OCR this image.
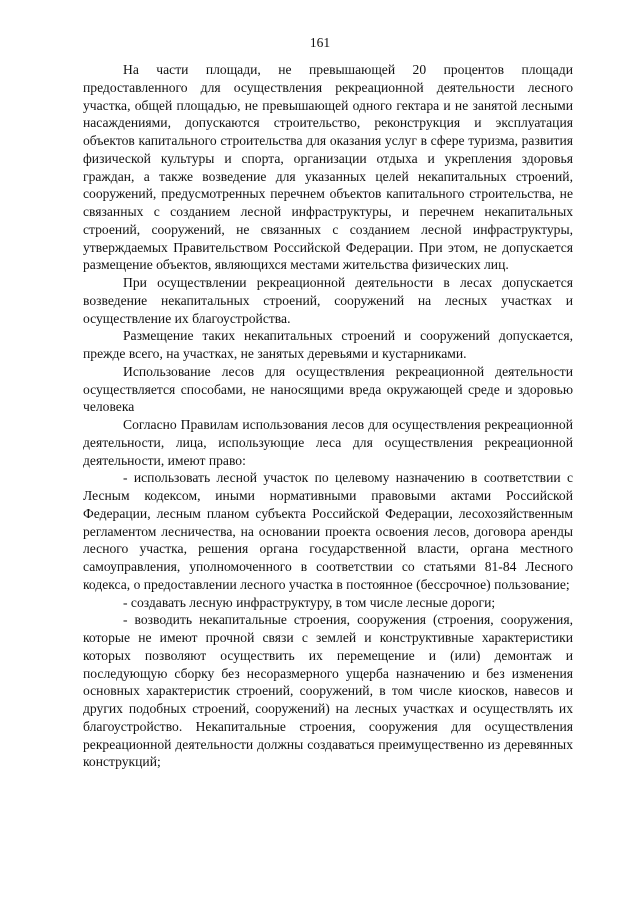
161

На части площади, не превышающей 20 процентов площади предоставленного для осуществления рекреационной деятельности лесного участка, общей площадью, не превышающей одного гектара и не занятой лесными насаждениями, допускаются строительство, реконструкция и эксплуатация объектов капитального строительства для оказания услуг в сфере туризма, развития физической культуры и спорта, организации отдыха и укрепления здоровья граждан, а также возведение для указанных целей некапитальных строений, сооружений, предусмотренных перечнем объектов капитального строительства, не связанных с созданием лесной инфраструктуры, и перечнем некапитальных строений, сооружений, не связанных с созданием лесной инфраструктуры, утверждаемых Правительством Российской Федерации. При этом, не допускается размещение объектов, являющихся местами жительства физических лиц.

При осуществлении рекреационной деятельности в лесах допускается возведение некапитальных строений, сооружений на лесных участках и осуществление их благоустройства.

Размещение таких некапитальных строений и сооружений допускается, прежде всего, на участках, не занятых деревьями и кустарниками.

Использование лесов для осуществления рекреационной деятельности осуществляется способами, не наносящими вреда окружающей среде и здоровью человека

Согласно Правилам использования лесов для осуществления рекреационной деятельности, лица, использующие леса для осуществления рекреационной деятельности, имеют право:

- использовать лесной участок по целевому назначению в соответствии с Лесным кодексом, иными нормативными правовыми актами Российской Федерации, лесным планом субъекта Российской Федерации, лесохозяйственным регламентом лесничества, на основании проекта освоения лесов, договора аренды лесного участка, решения органа государственной власти, органа местного самоуправления, уполномоченного в соответствии со статьями 81-84 Лесного кодекса, о предоставлении лесного участка в постоянное (бессрочное) пользование;

- создавать лесную инфраструктуру, в том числе лесные дороги;

- возводить некапитальные строения, сооружения (строения, сооружения, которые не имеют прочной связи с землей и конструктивные характеристики которых позволяют осуществить их перемещение и (или) демонтаж и последующую сборку без несоразмерного ущерба назначению и без изменения основных характеристик строений, сооружений, в том числе киосков, навесов и других подобных строений, сооружений) на лесных участках и осуществлять их благоустройство. Некапитальные строения, сооружения для осуществления рекреационной деятельности должны создаваться преимущественно из деревянных конструкций;
